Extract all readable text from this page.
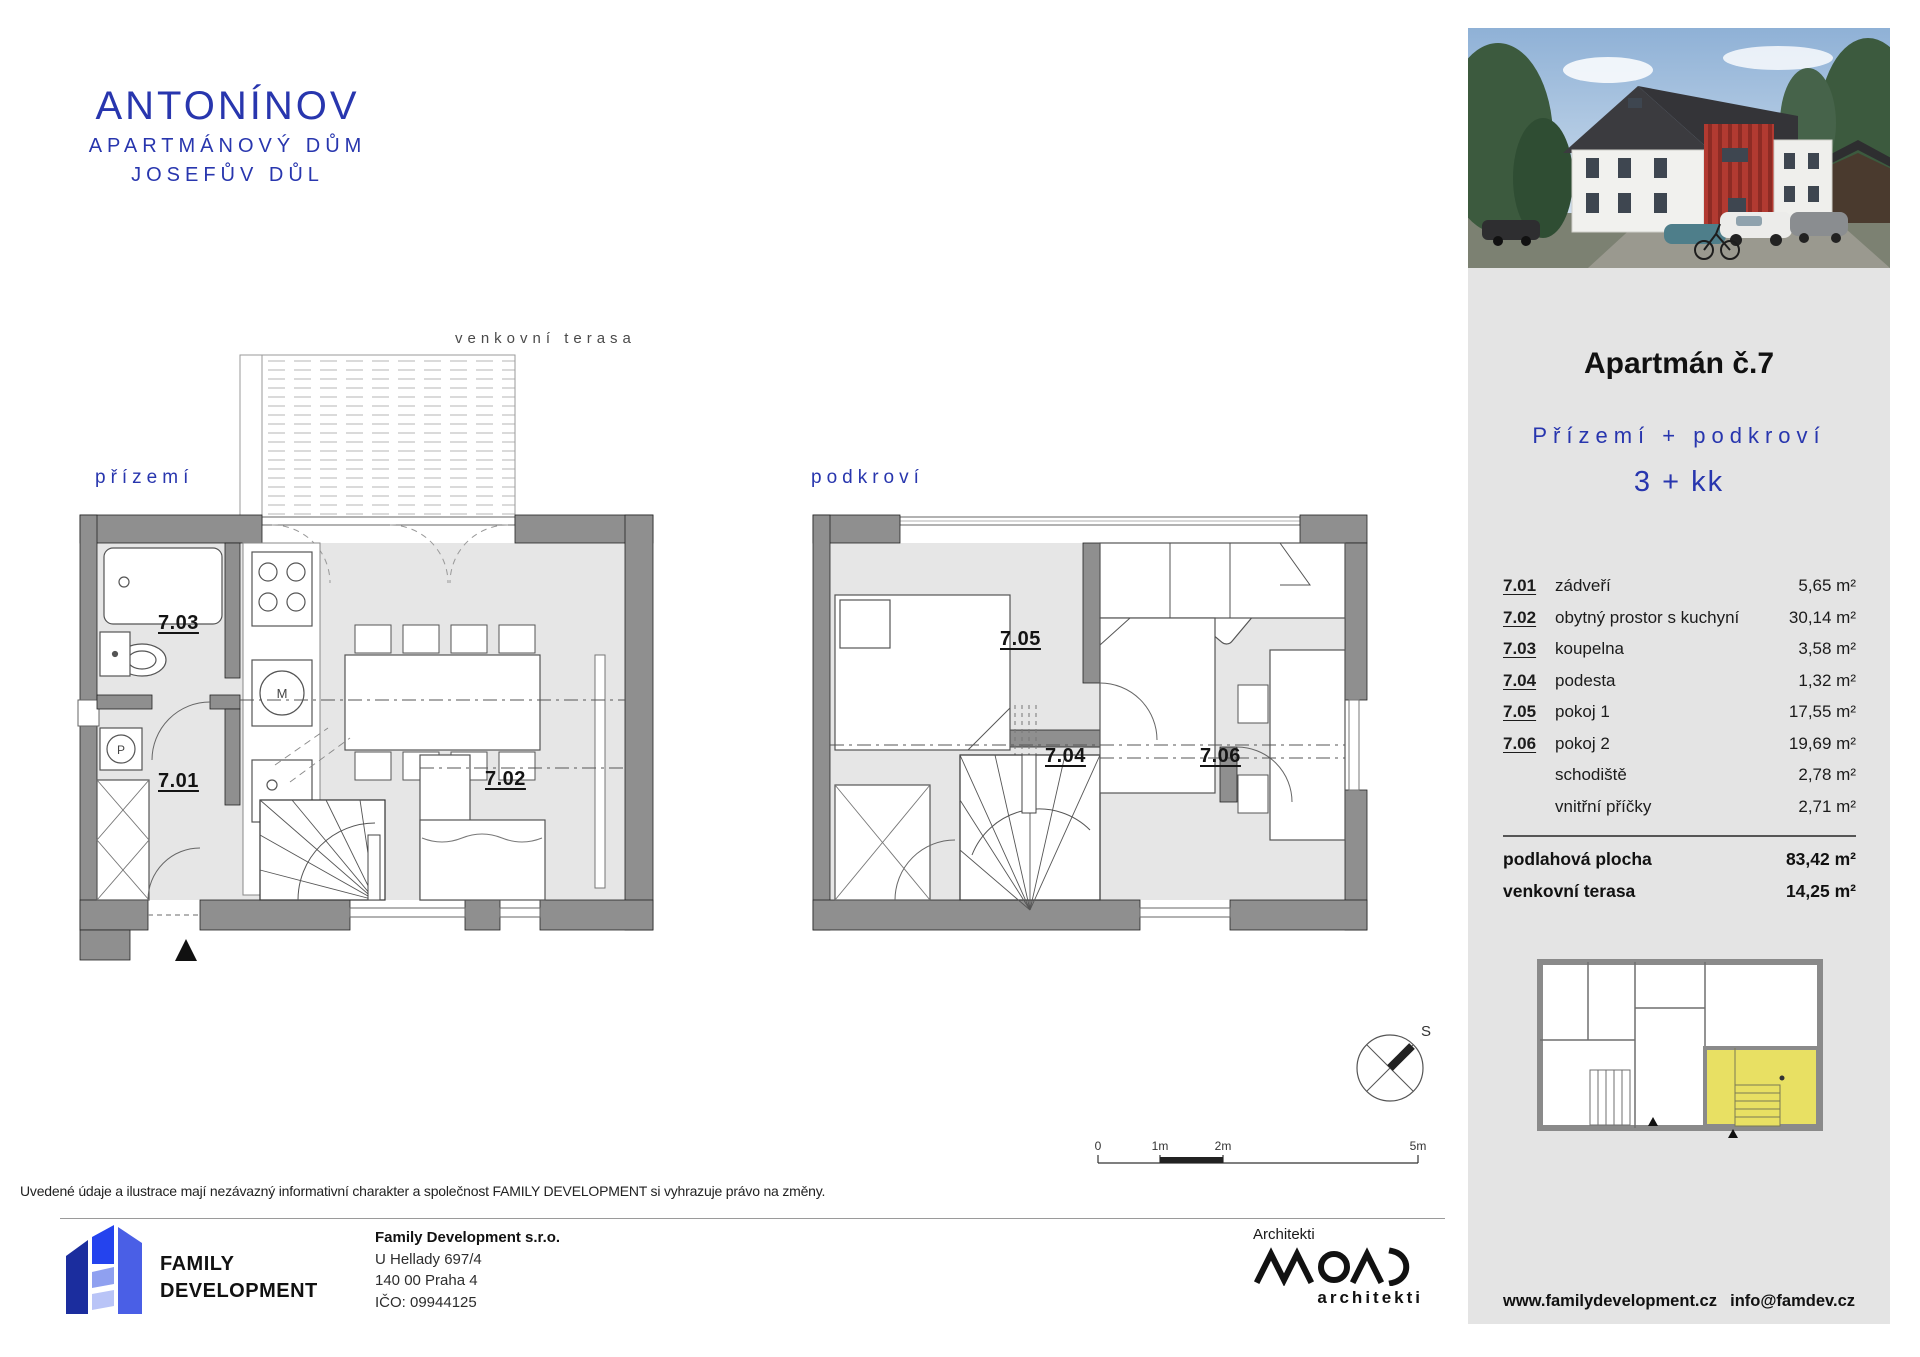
ANTONÍNOV
APARTMÁNOVÝ DŮM
JOSEFŮV DŮL
přízemí
venkovní terasa
M
P
7.03
7.01	7.02
podkroví
7.05
7.04	7.06
S
0	1m	2m	5m
Uvedené údaje a ilustrace mají nezávazný informativní charakter a společnost FAMILY DEVELOPMENT si vyhrazuje právo na změny.
FAMILY
DEVELOPMENT
Family Development s.r.o.
U Hellady 697/4
140 00 Praha 4
IČO: 09944125
Architekti
architekti
Apartmán č.7
Přízemí + podkroví
3 + kk
7.01	zádveří	5,65 m²
7.02	obytný prostor s kuchyní	30,14 m²
7.03	koupelna	3,58 m²
7.04	podesta	1,32 m²
7.05	pokoj 1	17,55 m²
7.06	pokoj 2	19,69 m²
schodiště	2,78 m²
vnitřní příčky	2,71 m²
podlahová plocha	83,42 m²
venkovní terasa	14,25 m²
www.familydevelopment.cz info@famdev.cz
